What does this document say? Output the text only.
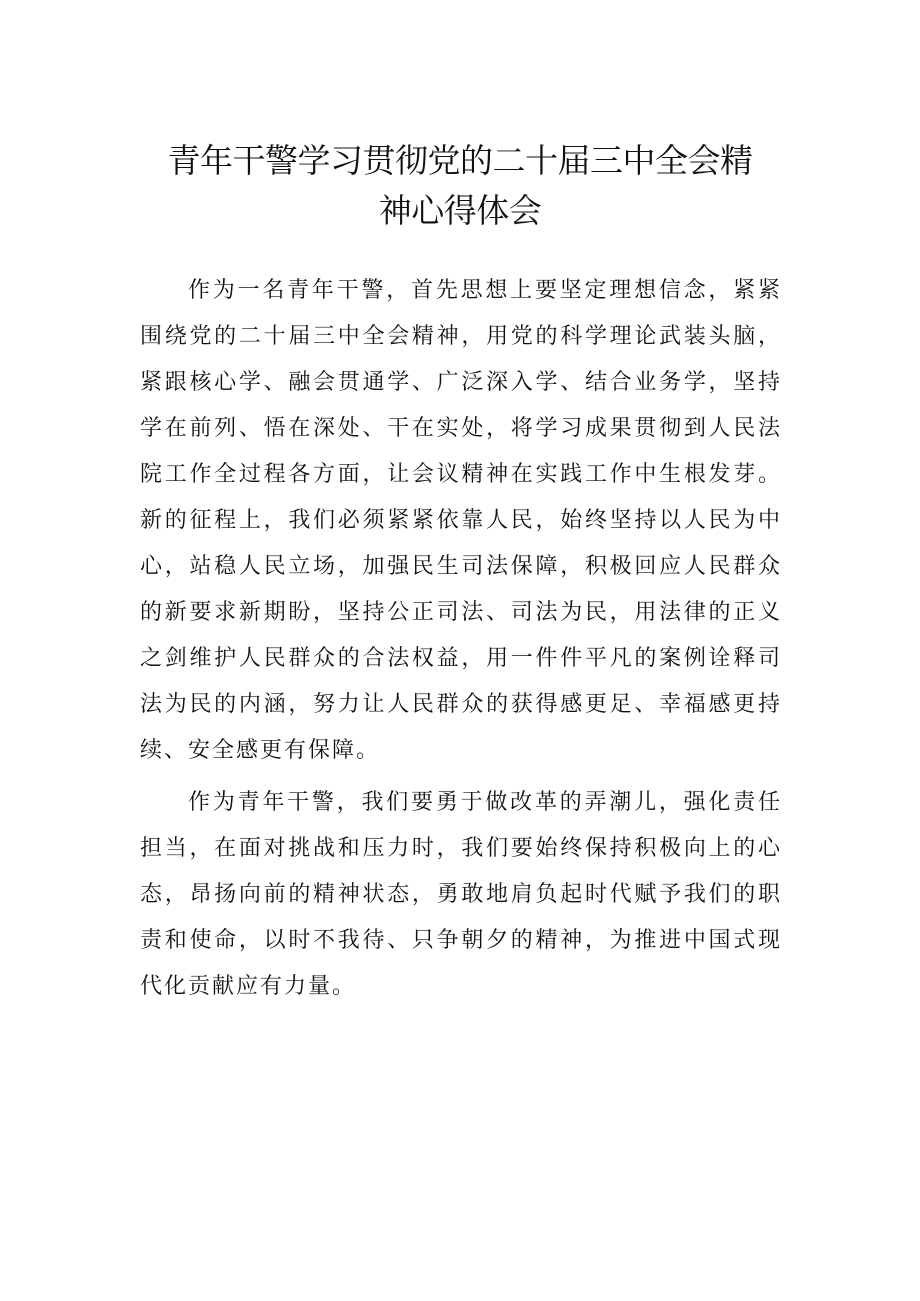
青年干警学习贯彻党的二十届三中全会精
神心得体会

作为一名青年干警，首先思想上要坚定理想信念，紧紧围绕党的二十届三中全会精神，用党的科学理论武装头脑，紧跟核心学、融会贯通学、广泛深入学、结合业务学，坚持学在前列、悟在深处、干在实处，将学习成果贯彻到人民法院工作全过程各方面，让会议精神在实践工作中生根发芽。新的征程上，我们必须紧紧依靠人民，始终坚持以人民为中心，站稳人民立场，加强民生司法保障，积极回应人民群众的新要求新期盼，坚持公正司法、司法为民，用法律的正义之剑维护人民群众的合法权益，用一件件平凡的案例诠释司法为民的内涵，努力让人民群众的获得感更足、幸福感更持续、安全感更有保障。

作为青年干警，我们要勇于做改革的弄潮儿，强化责任担当，在面对挑战和压力时，我们要始终保持积极向上的心态，昂扬向前的精神状态，勇敢地肩负起时代赋予我们的职责和使命，以时不我待、只争朝夕的精神，为推进中国式现代化贡献应有力量。
